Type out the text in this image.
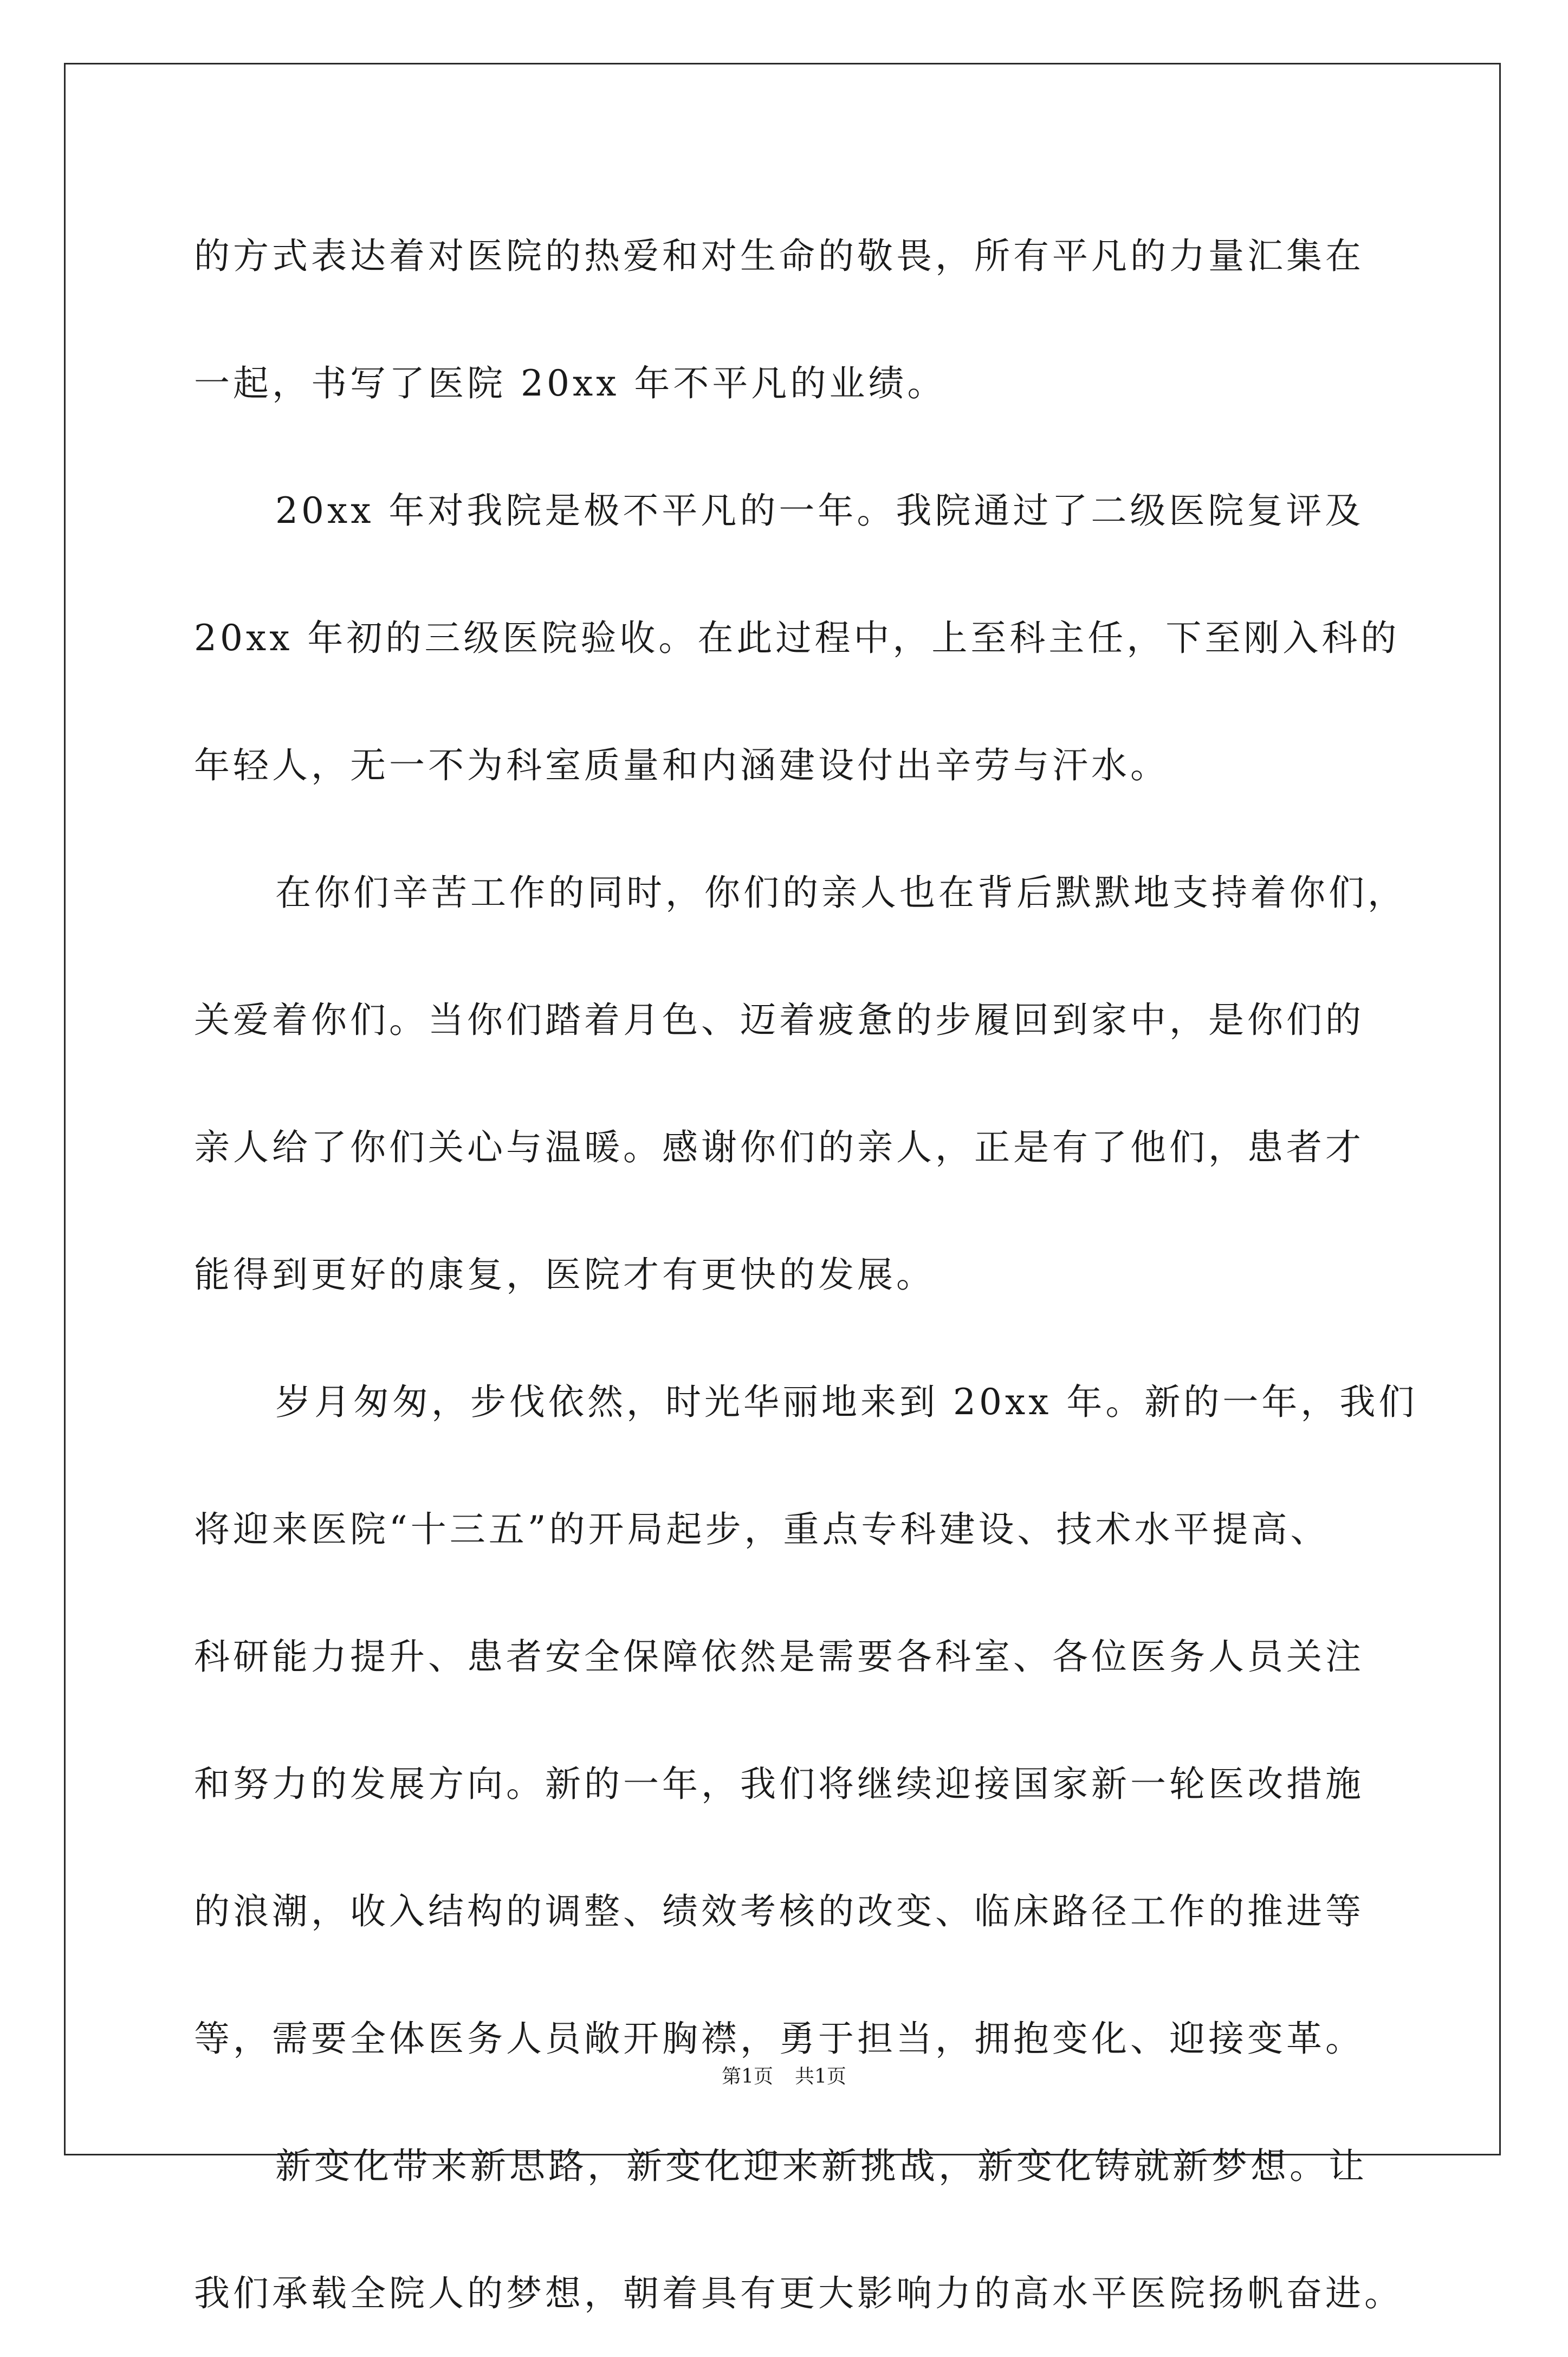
的方式表达着对医院的热爱和对生命的敬畏，所有平凡的力量汇集在
一起，书写了医院 20xx 年不平凡的业绩。
20xx 年对我院是极不平凡的一年。我院通过了二级医院复评及
20xx 年初的三级医院验收。在此过程中，上至科主任，下至刚入科的
年轻人，无一不为科室质量和内涵建设付出辛劳与汗水。
在你们辛苦工作的同时，你们的亲人也在背后默默地支持着你们，
关爱着你们。当你们踏着月色、迈着疲惫的步履回到家中，是你们的
亲人给了你们关心与温暖。感谢你们的亲人，正是有了他们，患者才
能得到更好的康复，医院才有更快的发展。
岁月匆匆，步伐依然，时光华丽地来到 20xx 年。新的一年，我们
将迎来医院“十三五”的开局起步，重点专科建设、技术水平提高、
科研能力提升、患者安全保障依然是需要各科室、各位医务人员关注
和努力的发展方向。新的一年，我们将继续迎接国家新一轮医改措施
的浪潮，收入结构的调整、绩效考核的改变、临床路径工作的推进等
等，需要全体医务人员敞开胸襟，勇于担当，拥抱变化、迎接变革。
新变化带来新思路，新变化迎来新挑战，新变化铸就新梦想。让
我们承载全院人的梦想，朝着具有更大影响力的高水平医院扬帆奋进。
第1页 共1页
